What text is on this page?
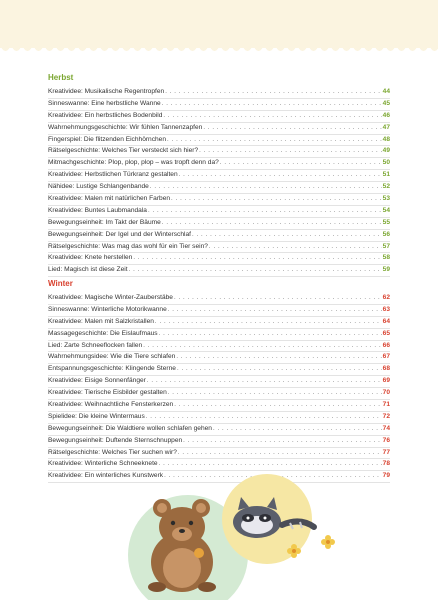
Herbst
Kreatividee: Musikalische Regentropfen . . .	44
Sinneswanne: Eine herbstliche Wanne . . .	45
Kreatividee: Ein herbstliches Bodenbild . . .	46
Wahrnehmungsgeschichte: Wir fühlen Tannenzapfen . . .	47
Fingerspiel: Die flitzenden Eichhörnchen . . .	48
Rätselgeschichte: Welches Tier versteckt sich hier? . . .	49
Mitmachgeschichte: Plop, plop, plop – was tropft denn da? . . .	50
Kreatividee: Herbstlichen Türkranz gestalten . . .	51
Nähidee: Lustige Schlangenbande . . .	52
Kreatividee: Malen mit natürlichen Farben . . .	53
Kreatividee: Buntes Laubmandala . . .	54
Bewegungseinheit: Im Takt der Bäume . . .	55
Bewegungseinheit: Der Igel und der Winterschlaf . . .	56
Rätselgeschichte: Was mag das wohl für ein Tier sein? . . .	57
Kreatividee: Knete herstellen . . .	58
Lied: Magisch ist diese Zeit . . .	59
Winter
Kreatividee: Magische Winter-Zauberstäbe . . .	62
Sinneswanne: Winterliche Motorikwanne . . .	63
Kreatividee: Malen mit Salzkristallen . . .	64
Massagegeschichte: Die Eislaufmaus . . .	65
Lied: Zarte Schneeflocken fallen . . .	66
Wahrnehmungsidee: Wie die Tiere schlafen . . .	67
Entspannungsgeschichte: Klingende Sterne . . .	68
Kreatividee: Eisige Sonnenfänger . . .	69
Kreatividee: Tierische Eisbilder gestalten . . .	70
Kreatividee: Weihnachtliche Fensterkerzen . . .	71
Spielidee: Die kleine Wintermaus . . .	72
Bewegungseinheit: Die Waldtiere wollen schlafen gehen . . .	74
Bewegungseinheit: Duftende Sternschnuppen . . .	76
Rätselgeschichte: Welches Tier suchen wir? . . .	77
Kreatividee: Winterliche Schneeknete . . .	78
Kreatividee: Ein winterliches Kunstwerk . . .	79
